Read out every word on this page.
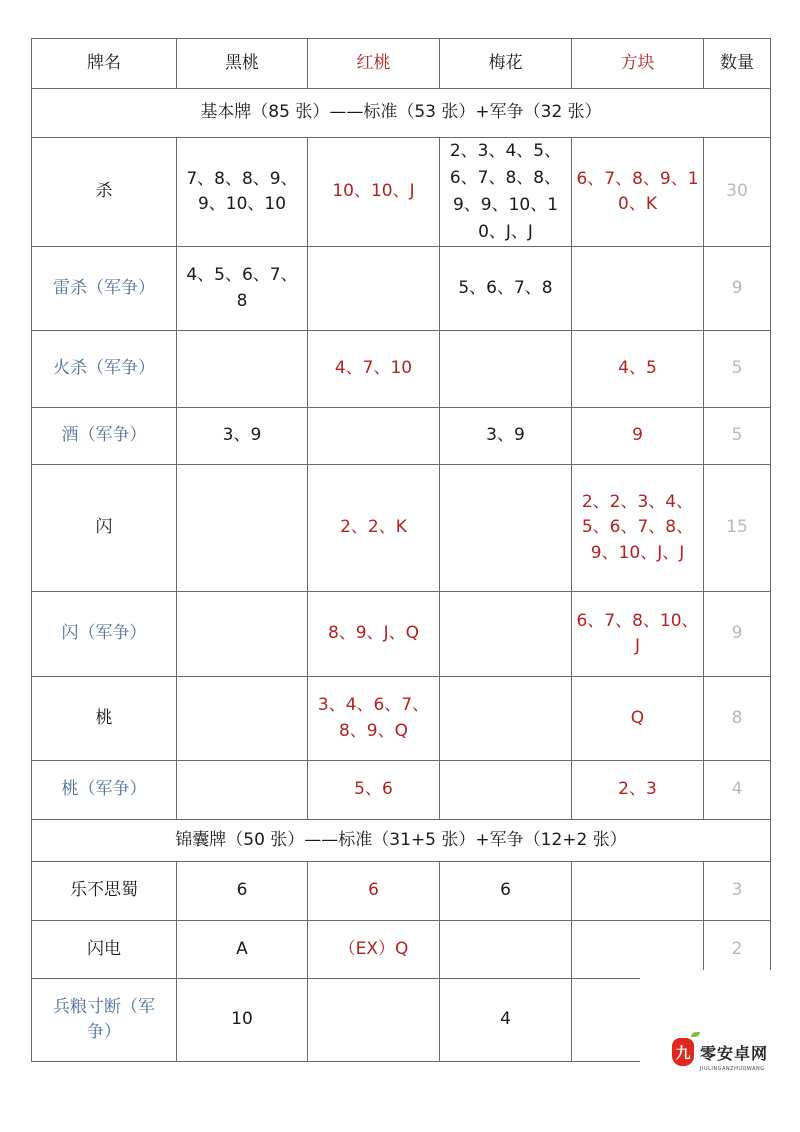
牌名	黑桃	红桃	梅花	方块	数量
基本牌（85 张）——标准（53 张）+军争（32 张）					
杀	7、8、8、9、9、10、10	10、10、J	2、3、4、5、6、7、8、8、9、9、10、10、J、J	6、7、8、9、10、K	30
雷杀（军争）	4、5、6、7、8		5、6、7、8		9
火杀（军争）		4、7、10		4、5	5
酒（军争）	3、9		3、9	9	5
闪		2、2、K		2、2、3、4、5、6、7、8、9、10、J、J	15
闪（军争）		8、9、J、Q		6、7、8、10、J	9
桃		3、4、6、7、8、9、Q		Q	8
桃（军争）		5、6		2、3	4
锦囊牌（50 张）——标准（31+5 张）+军争（12+2 张）					
乐不思蜀	6	6	6		3
闪电	A	（EX）Q			2
兵粮寸断（军争）	10		4		
九 零安卓网
JIULINGANZHUOWANG
